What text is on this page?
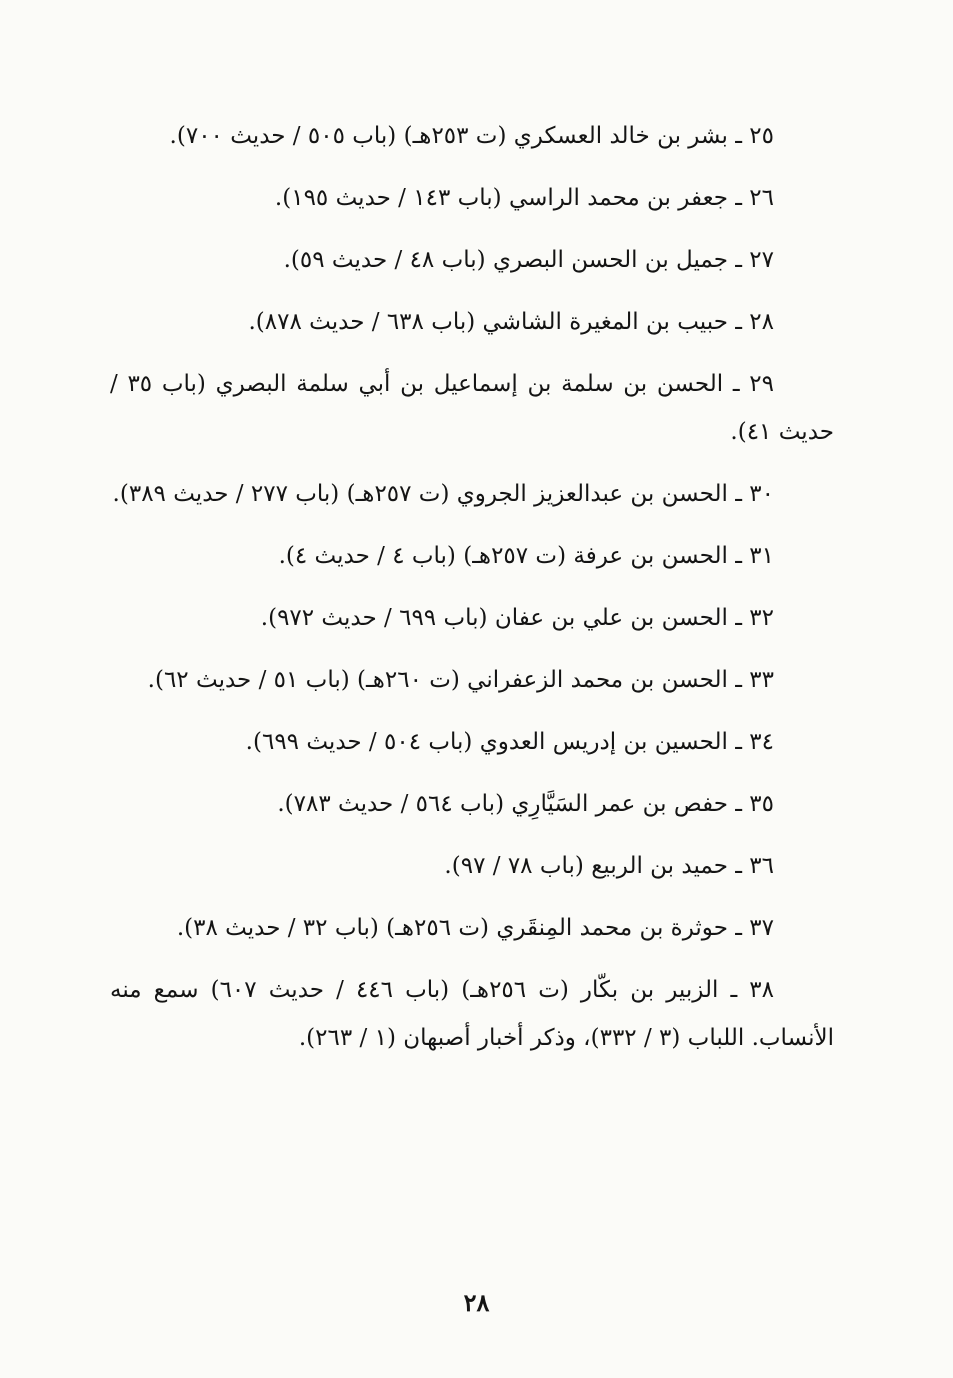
٢٥ ـ بشر بن خالد العسكري (ت ٢٥٣هـ) (باب ٥٠٥ / حديث ٧٠٠).

٢٦ ـ جعفر بن محمد الراسي (باب ١٤٣ / حديث ١٩٥).

٢٧ ـ جميل بن الحسن البصري (باب ٤٨ / حديث ٥٩).

٢٨ ـ حبيب بن المغيرة الشاشي (باب ٦٣٨ / حديث ٨٧٨).

٢٩ ـ الحسن بن سلمة بن إسماعيل بن أبي سلمة البصري (باب ٣٥ / حديث ٤١).

٣٠ ـ الحسن بن عبدالعزيز الجروي (ت ٢٥٧هـ) (باب ٢٧٧ / حديث ٣٨٩).

٣١ ـ الحسن بن عرفة (ت ٢٥٧هـ) (باب ٤ / حديث ٤).

٣٢ ـ الحسن بن علي بن عفان (باب ٦٩٩ / حديث ٩٧٢).

٣٣ ـ الحسن بن محمد الزعفراني (ت ٢٦٠هـ) (باب ٥١ / حديث ٦٢).

٣٤ ـ الحسين بن إدريس العدوي (باب ٥٠٤ / حديث ٦٩٩).

٣٥ ـ حفص بن عمر السَيَّارِي (باب ٥٦٤ / حديث ٧٨٣).

٣٦ ـ حميد بن الربيع (باب ٧٨ / ٩٧).

٣٧ ـ حوثرة بن محمد المِنقَري (ت ٢٥٦هـ) (باب ٣٢ / حديث ٣٨).

٣٨ ـ الزبير بن بكّار (ت ٢٥٦هـ) (باب ٤٤٦ / حديث ٦٠٧) سمع منه الأنساب. اللباب (٣ / ٣٣٢)، وذكر أخبار أصبهان (١ / ٢٦٣).

٢٨
